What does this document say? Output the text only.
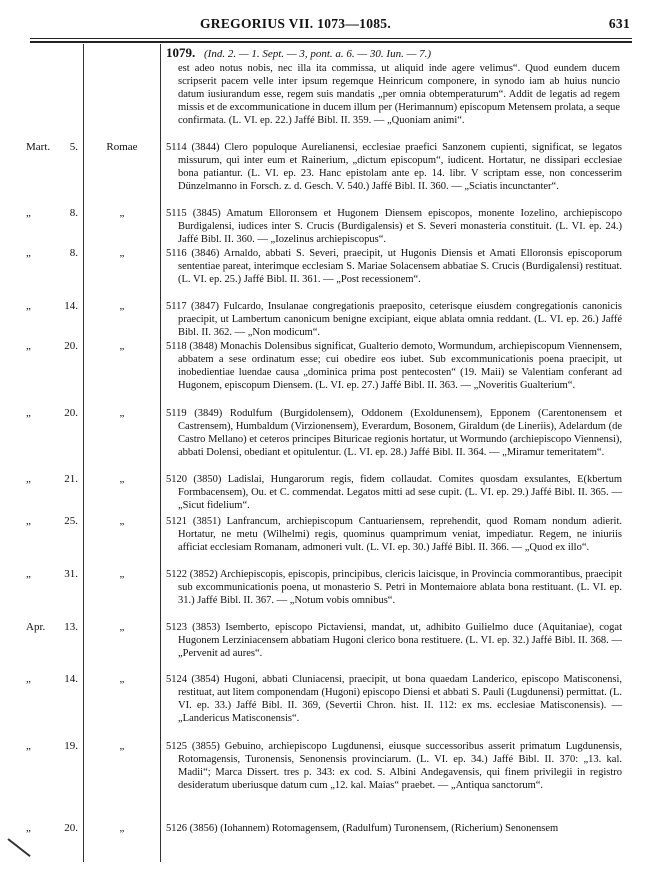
GREGORIUS VII. 1073—1085.	631
1079. (Ind. 2. — 1. Sept. — 3, pont. a. 6. — 30. Iun. — 7.)
est adeo notus nobis, nec illa ita commissa, ut aliquid inde agere velimus“. Quod eundem ducem scripserit pacem velle inter ipsum regemque Heinricum componere, in synodo iam ab huius nuncio datum iusiurandum esse, regem suis mandatis „per omnia obtemperaturum“. Addit de legatis ad regem missis et de excommunicatione in ducem illum per (Herimannum) episcopum Metensem prolata, a seque confirmata. (L. VI. ep. 22.) Jaffé Bibl. II. 359. — „Quoniam animi“.
Mart. 5.	Romae	5114 (3844) Clero populoque Aurelianensi, ecclesiae praefici Sanzonem cupienti, significat, se legatos missurum, qui inter eum et Rainerium, „dictum episcopum“, iudicent. Hortatur, ne dissipari ecclesiae bona patiantur. (L. VI. ep. 23. Hanc epistolam ante ep. 14. libr. V scriptam esse, non concesserim Dünzelmanno in Forsch. z. d. Gesch. V. 540.) Jaffé Bibl. II. 360. — „Sciatis incunctanter“.
„	8.	„	5115 (3845) Amatum Elloronsem et Hugonem Diensem episcopos, monente Iozelino, archiepiscopo Burdigalensi, iudices inter S. Crucis (Burdigalensis) et S. Severi monasteria constituit. (L. VI. ep. 24.) Jaffé Bibl. II. 360. — „Iozelinus archiepiscopus“.
„	8.	„	5116 (3846) Arnaldo, abbati S. Severi, praecipit, ut Hugonis Diensis et Amati Elloronsis episcoporum sententiae pareat, interimque ecclesiam S. Mariae Solacensem abbatiae S. Crucis (Burdigalensi) restituat. (L. VI. ep. 25.) Jaffé Bibl. II. 361. — „Post recessionem“.
„	14.	„	5117 (3847) Fulcardo, Insulanae congregationis praeposito, ceterisque eiusdem congregationis canonicis praecipit, ut Lambertum canonicum benigne excipiant, eique ablata omnia reddant. (L. VI. ep. 26.) Jaffé Bibl. II. 362. — „Non modicum“.
„	20.	„	5118 (3848) Monachis Dolensibus significat, Gualterio demoto, Wormundum, archiepiscopum Viennensem, abbatem a sese ordinatum esse; cui obedire eos iubet. Sub excommunicationis poena praecipit, ut inobedientiae luendae causa „dominica prima post pentecosten“ (19. Maii) se Valentiam conferant ad Hugonem, episcopum Diensem. (L. VI. ep. 27.) Jaffé Bibl. II. 363. — „Noveritis Gualterium“.
„	20.	„	5119 (3849) Rodulfum (Burgidolensem), Oddonem (Exoldunensem), Epponem (Carentonensem et Castrensem), Humbaldum (Virzionensem), Everardum, Bosonem, Giraldum (de Lineriis), Adelardum (de Castro Mellano) et ceteros principes Bituricae regionis hortatur, ut Wormundo (archiepiscopo Viennensi), abbati Dolensi, obediant et opitulentur. (L. VI. ep. 28.) Jaffé Bibl. II. 364. — „Miramur temeritatem“.
„	21.	„	5120 (3850) Ladislai, Hungarorum regis, fidem collaudat. Comites quosdam exsulantes, E(kbertum Formbacensem), Ou. et C. commendat. Legatos mitti ad sese cupit. (L. VI. ep. 29.) Jaffé Bibl. II. 365. — „Sicut fidelium“.
„	25.	„	5121 (3851) Lanfrancum, archiepiscopum Cantuariensem, reprehendit, quod Romam nondum adierit. Hortatur, ne metu (Wilhelmi) regis, quominus quamprimum veniat, impediatur. Regem, ne iniuriis afficiat ecclesiam Romanam, admoneri vult. (L. VI. ep. 30.) Jaffé Bibl. II. 366. — „Quod ex illo“.
„	31.	„	5122 (3852) Archiepiscopis, episcopis, principibus, clericis laicisque, in Provincia commorantibus, praecipit sub excommunicationis poena, ut monasterio S. Petri in Montemaiore ablata bona restituant. (L. VI. ep. 31.) Jaffé Bibl. II. 367. — „Notum vobis omnibus“.
Apr. 13.	„	5123 (3853) Isemberto, episcopo Pictaviensi, mandat, ut, adhibito Guilielmo duce (Aquitaniae), cogat Hugonem Lerziniacensem abbatiam Hugoni clerico bona restituere. (L. VI. ep. 32.) Jaffé Bibl. II. 368. — „Pervenit ad aures“.
„	14.	„	5124 (3854) Hugoni, abbati Cluniacensi, praecipit, ut bona quaedam Landerico, episcopo Matisconensi, restituat, aut litem componendam (Hugoni) episcopo Diensi et abbati S. Pauli (Lugdunensi) permittat. (L. VI. ep. 33.) Jaffé Bibl. II. 369, (Severtii Chron. hist. II. 112: ex ms. ecclesiae Matisconensis). — „Landericus Matisconensis“.
„	19.	„	5125 (3855) Gebuino, archiepiscopo Lugdunensi, eiusque successoribus asserit primatum Lugdunensis, Rotomagensis, Turonensis, Senonensis provinciarum. (L. VI. ep. 34.) Jaffé Bibl. II. 370: „13. kal. Madii“; Marca Dissert. tres p. 343: ex cod. S. Albini Andegavensis, qui finem privilegii in registro desideratum uberiusque datum cum „12. kal. Maias“ praebet. — „Antiqua sanctorum“.
„	20.	„	5126 (3856) (Iohannem) Rotomagensem, (Radulfum) Turonensem, (Richerium) Senonensem
